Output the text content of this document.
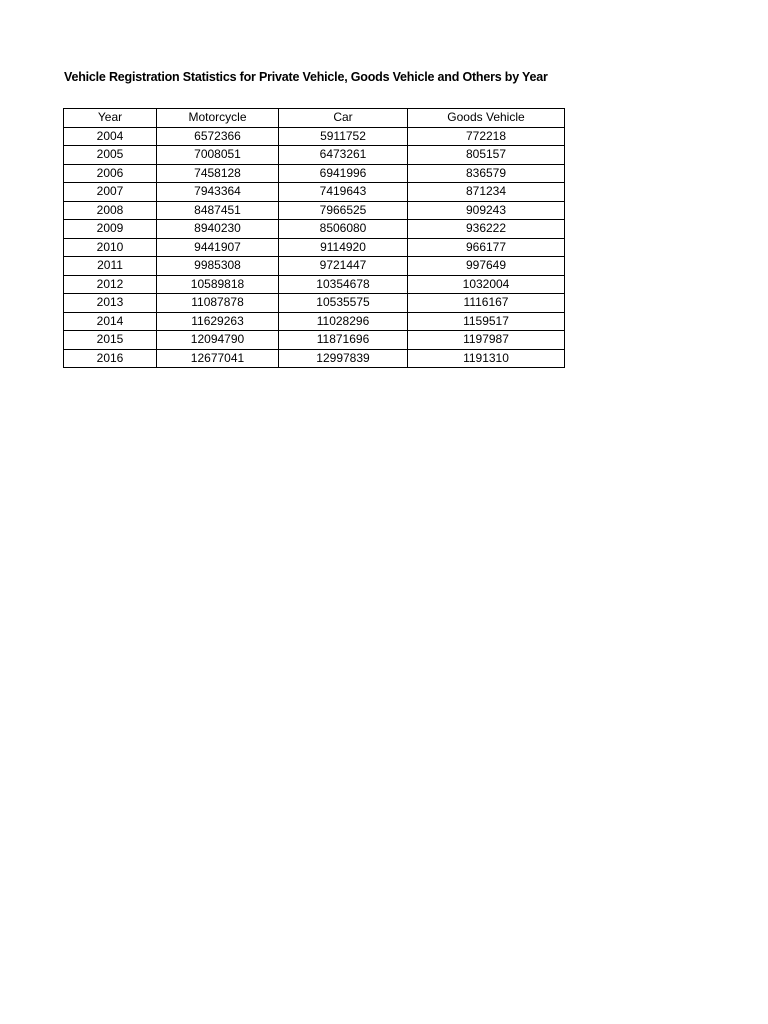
Vehicle Registration Statistics for Private Vehicle, Goods Vehicle and Others by Year
Year	Motorcycle	Car	Goods Vehicle
2004	6572366	5911752	772218
2005	7008051	6473261	805157
2006	7458128	6941996	836579
2007	7943364	7419643	871234
2008	8487451	7966525	909243
2009	8940230	8506080	936222
2010	9441907	9114920	966177
2011	9985308	9721447	997649
2012	10589818	10354678	1032004
2013	11087878	10535575	1116167
2014	11629263	11028296	1159517
2015	12094790	11871696	1197987
2016	12677041	12997839	1191310
